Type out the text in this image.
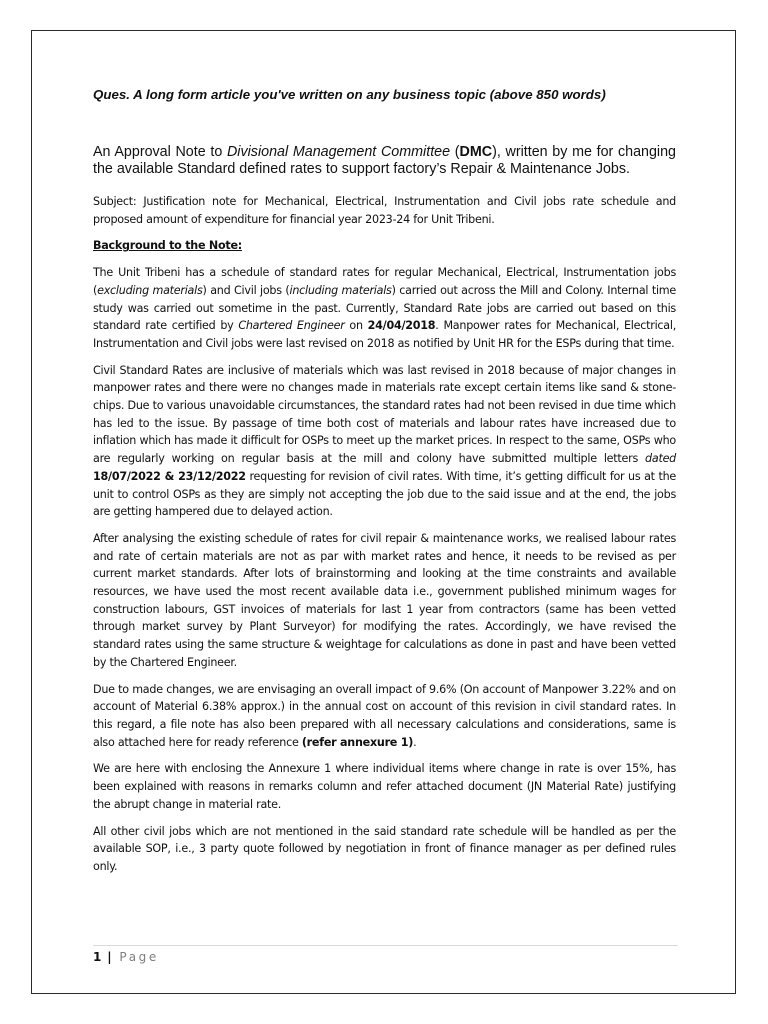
Ques. A long form article you've written on any business topic (above 850 words)

An Approval Note to Divisional Management Committee (DMC), written by me for changing the available Standard defined rates to support factory’s Repair & Maintenance Jobs.

Subject: Justification note for Mechanical, Electrical, Instrumentation and Civil jobs rate schedule and proposed amount of expenditure for financial year 2023-24 for Unit Tribeni.

Background to the Note:

The Unit Tribeni has a schedule of standard rates for regular Mechanical, Electrical, Instrumentation jobs (excluding materials) and Civil jobs (including materials) carried out across the Mill and Colony. Internal time study was carried out sometime in the past. Currently, Standard Rate jobs are carried out based on this standard rate certified by Chartered Engineer on 24/04/2018. Manpower rates for Mechanical, Electrical, Instrumentation and Civil jobs were last revised on 2018 as notified by Unit HR for the ESPs during that time.

Civil Standard Rates are inclusive of materials which was last revised in 2018 because of major changes in manpower rates and there were no changes made in materials rate except certain items like sand & stone-chips. Due to various unavoidable circumstances, the standard rates had not been revised in due time which has led to the issue. By passage of time both cost of materials and labour rates have increased due to inflation which has made it difficult for OSPs to meet up the market prices. In respect to the same, OSPs who are regularly working on regular basis at the mill and colony have submitted multiple letters dated 18/07/2022 & 23/12/2022 requesting for revision of civil rates. With time, it’s getting difficult for us at the unit to control OSPs as they are simply not accepting the job due to the said issue and at the end, the jobs are getting hampered due to delayed action.

After analysing the existing schedule of rates for civil repair & maintenance works, we realised labour rates and rate of certain materials are not as par with market rates and hence, it needs to be revised as per current market standards. After lots of brainstorming and looking at the time constraints and available resources, we have used the most recent available data i.e., government published minimum wages for construction labours, GST invoices of materials for last 1 year from contractors (same has been vetted through market survey by Plant Surveyor) for modifying the rates. Accordingly, we have revised the standard rates using the same structure & weightage for calculations as done in past and have been vetted by the Chartered Engineer.

Due to made changes, we are envisaging an overall impact of 9.6% (On account of Manpower 3.22% and on account of Material 6.38% approx.) in the annual cost on account of this revision in civil standard rates. In this regard, a file note has also been prepared with all necessary calculations and considerations, same is also attached here for ready reference (refer annexure 1).

We are here with enclosing the Annexure 1 where individual items where change in rate is over 15%, has been explained with reasons in remarks column and refer attached document (JN Material Rate) justifying the abrupt change in material rate.

All other civil jobs which are not mentioned in the said standard rate schedule will be handled as per the available SOP, i.e., 3 party quote followed by negotiation in front of finance manager as per defined rules only.

1 | Page
